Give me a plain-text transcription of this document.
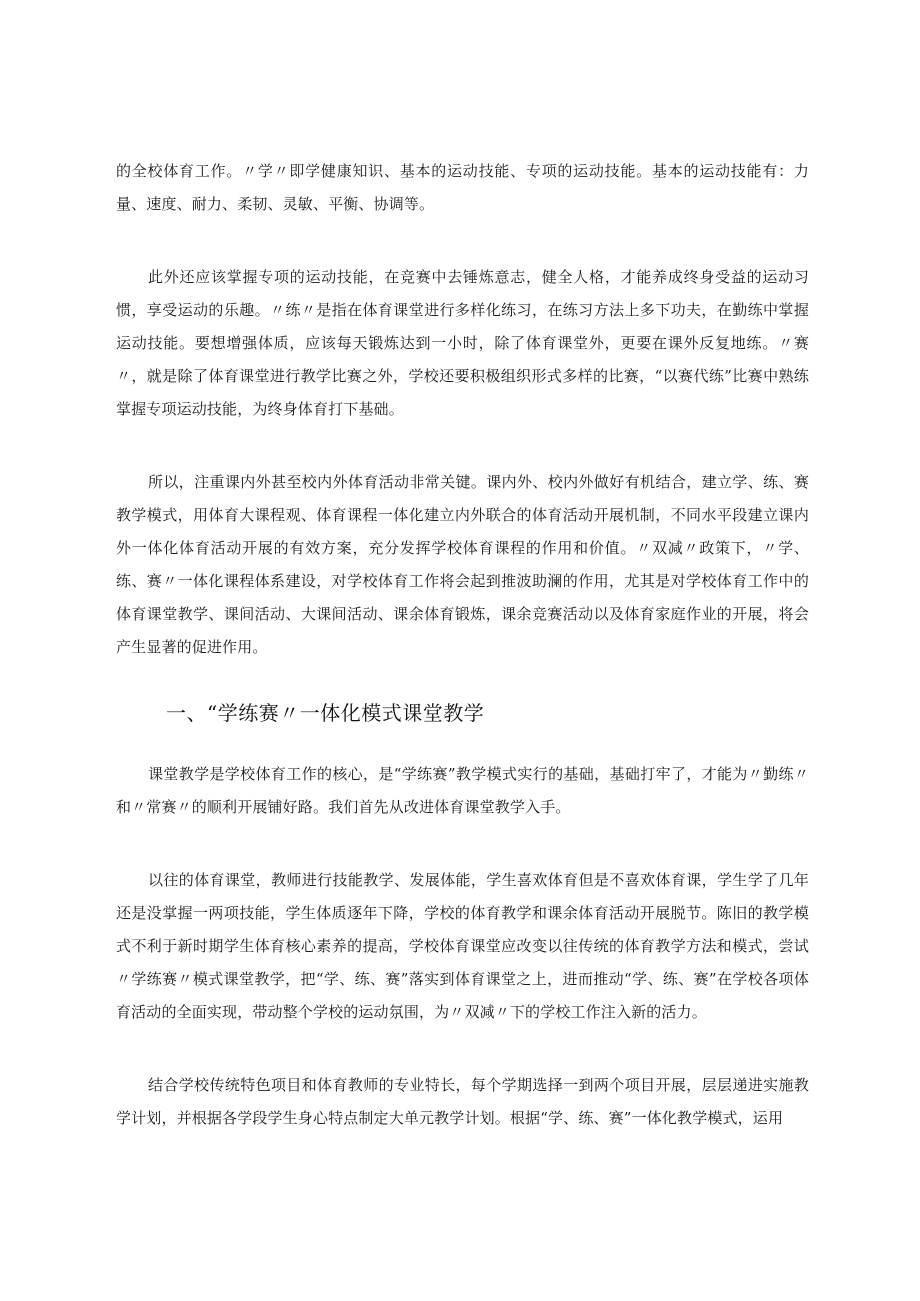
的全校体育工作。〃学〃即学健康知识、基本的运动技能、专项的运动技能。基本的运动技能有：力量、速度、耐力、柔韧、灵敏、平衡、协调等。

此外还应该掌握专项的运动技能，在竞赛中去锤炼意志，健全人格，才能养成终身受益的运动习惯，享受运动的乐趣。〃练〃是指在体育课堂进行多样化练习，在练习方法上多下功夫，在勤练中掌握运动技能。要想增强体质，应该每天锻炼达到一小时，除了体育课堂外，更要在课外反复地练。〃赛〃，就是除了体育课堂进行教学比赛之外，学校还要积极组织形式多样的比赛，“以赛代练”比赛中熟练掌握专项运动技能，为终身体育打下基础。

所以，注重课内外甚至校内外体育活动非常关键。课内外、校内外做好有机结合，建立学、练、赛教学模式，用体育大课程观、体育课程一体化建立内外联合的体育活动开展机制，不同水平段建立课内外一体化体育活动开展的有效方案，充分发挥学校体育课程的作用和价值。〃双减〃政策下，〃学、练、赛〃一体化课程体系建设，对学校体育工作将会起到推波助澜的作用，尤其是对学校体育工作中的体育课堂教学、课间活动、大课间活动、课余体育锻炼，课余竞赛活动以及体育家庭作业的开展，将会产生显著的促进作用。

一、“学练赛〃一体化模式课堂教学

课堂教学是学校体育工作的核心，是“学练赛”教学模式实行的基础，基础打牢了，才能为〃勤练〃和〃常赛〃的顺利开展铺好路。我们首先从改进体育课堂教学入手。

以往的体育课堂，教师进行技能教学、发展体能，学生喜欢体育但是不喜欢体育课，学生学了几年还是没掌握一两项技能，学生体质逐年下降，学校的体育教学和课余体育活动开展脱节。陈旧的教学模式不利于新时期学生体育核心素养的提高，学校体育课堂应改变以往传统的体育教学方法和模式，尝试〃学练赛〃模式课堂教学，把“学、练、赛”落实到体育课堂之上，进而推动“学、练、赛”在学校各项体育活动的全面实现，带动整个学校的运动氛围，为〃双减〃下的学校工作注入新的活力。

结合学校传统特色项目和体育教师的专业特长，每个学期选择一到两个项目开展，层层递进实施教学计划，并根据各学段学生身心特点制定大单元教学计划。根据“学、练、赛”一体化教学模式，运用
